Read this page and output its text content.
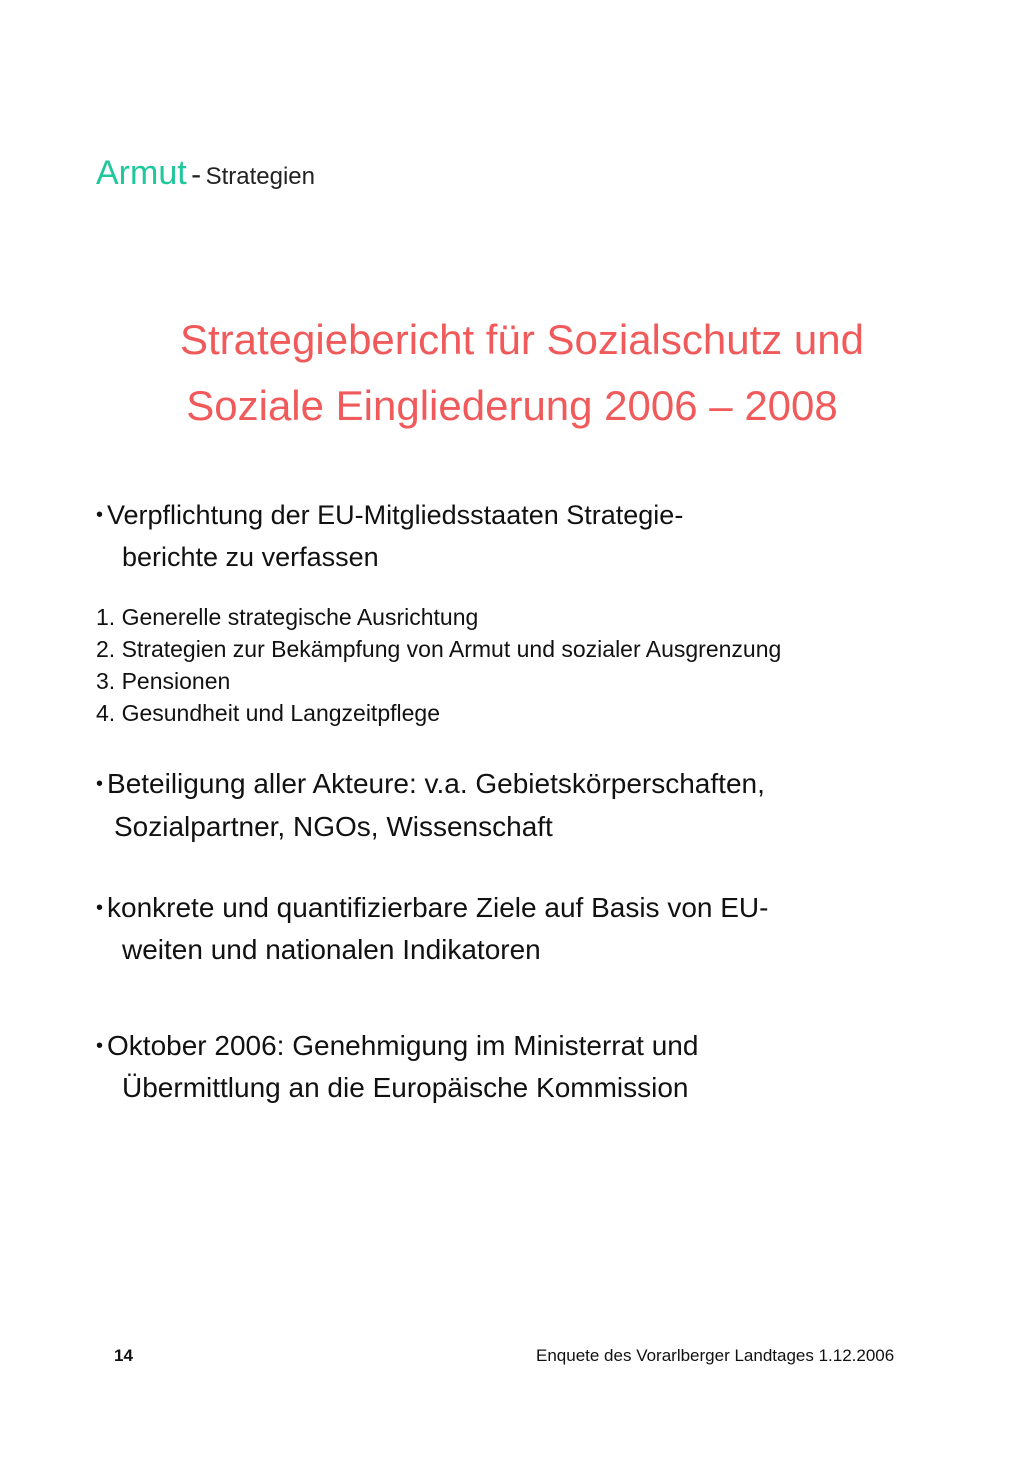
Armut - Strategien
Strategiebericht für Sozialschutz und
Soziale Eingliederung 2006 – 2008
• Verpflichtung der EU-Mitgliedsstaaten Strategie-
berichte zu verfassen
1. Generelle strategische Ausrichtung
2. Strategien zur Bekämpfung von Armut und sozialer Ausgrenzung
3. Pensionen
4. Gesundheit und Langzeitpflege
• Beteiligung aller Akteure: v.a. Gebietskörperschaften,
Sozialpartner, NGOs, Wissenschaft
• konkrete und quantifizierbare Ziele auf Basis von EU-
weiten und nationalen Indikatoren
• Oktober 2006: Genehmigung im Ministerrat und
Übermittlung an die Europäische Kommission
14	Enquete des Vorarlberger Landtages 1.12.2006
